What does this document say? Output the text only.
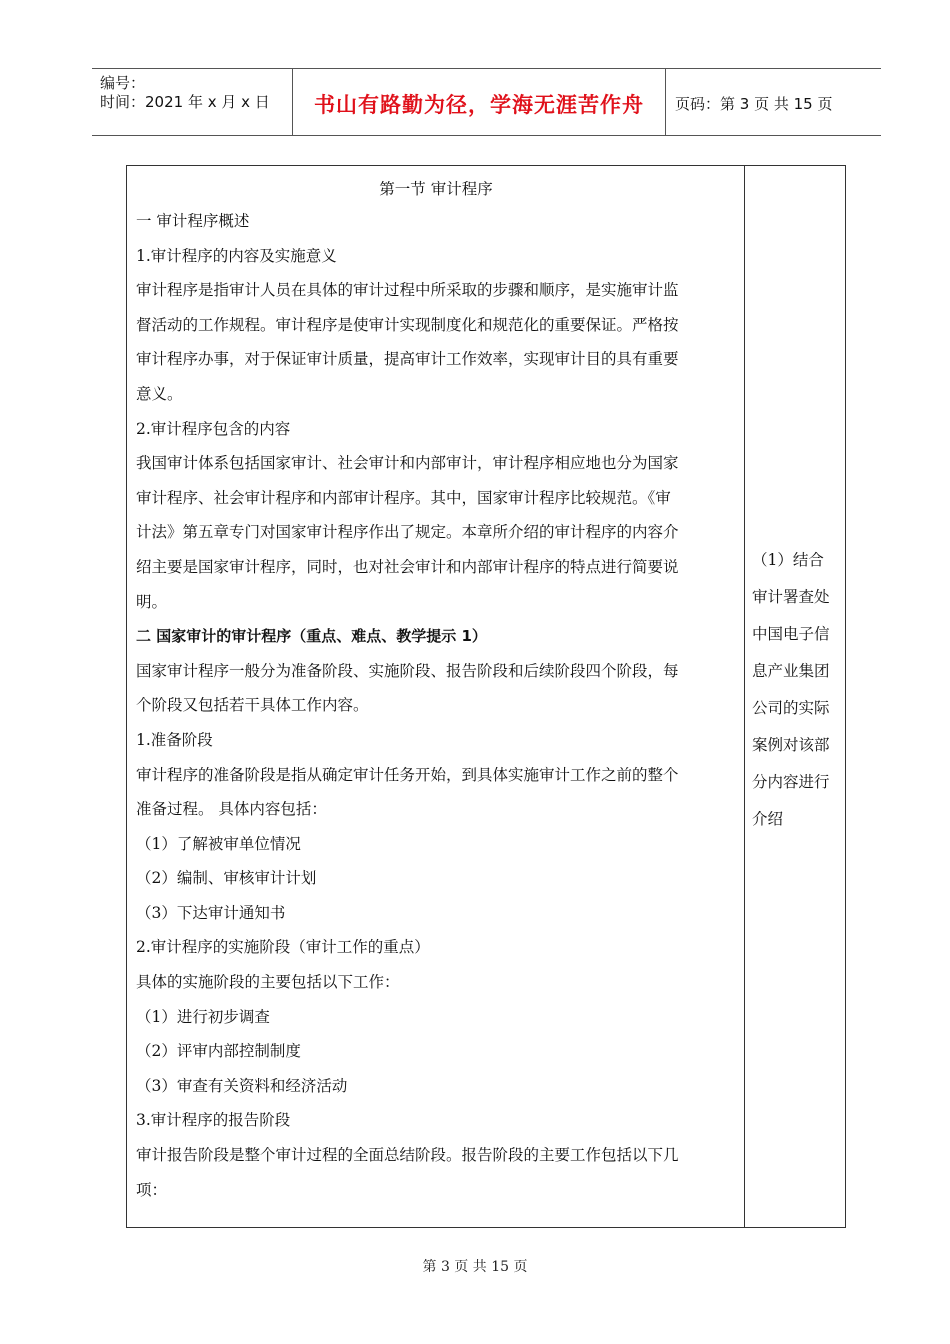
编号：
时间：2021 年 x 月 x 日	书山有路勤为径，学海无涯苦作舟	页码：第 3 页 共 15 页
第一节 审计程序
一 审计程序概述
1.审计程序的内容及实施意义
审计程序是指审计人员在具体的审计过程中所采取的步骤和顺序，是实施审计监
督活动的工作规程。审计程序是使审计实现制度化和规范化的重要保证。严格按
审计程序办事，对于保证审计质量，提高审计工作效率，实现审计目的具有重要
意义。
2.审计程序包含的内容
我国审计体系包括国家审计、社会审计和内部审计，审计程序相应地也分为国家
审计程序、社会审计程序和内部审计程序。其中，国家审计程序比较规范。《审
计法》第五章专门对国家审计程序作出了规定。本章所介绍的审计程序的内容介
绍主要是国家审计程序，同时，也对社会审计和内部审计程序的特点进行简要说
明。
二 国家审计的审计程序（重点、难点、教学提示 1）
国家审计程序一般分为准备阶段、实施阶段、报告阶段和后续阶段四个阶段，每
个阶段又包括若干具体工作内容。
1.准备阶段
审计程序的准备阶段是指从确定审计任务开始，到具体实施审计工作之前的整个
准备过程。 具体内容包括：
（1）了解被审单位情况
（2）编制、审核审计计划
（3）下达审计通知书
2.审计程序的实施阶段（审计工作的重点）
具体的实施阶段的主要包括以下工作：
（1）进行初步调查
（2）评审内部控制制度
（3）审查有关资料和经济活动
3.审计程序的报告阶段
审计报告阶段是整个审计过程的全面总结阶段。报告阶段的主要工作包括以下几
项：
（1）结合
审计署查处
中国电子信
息产业集团
公司的实际
案例对该部
分内容进行
介绍
第 3 页 共 15 页
